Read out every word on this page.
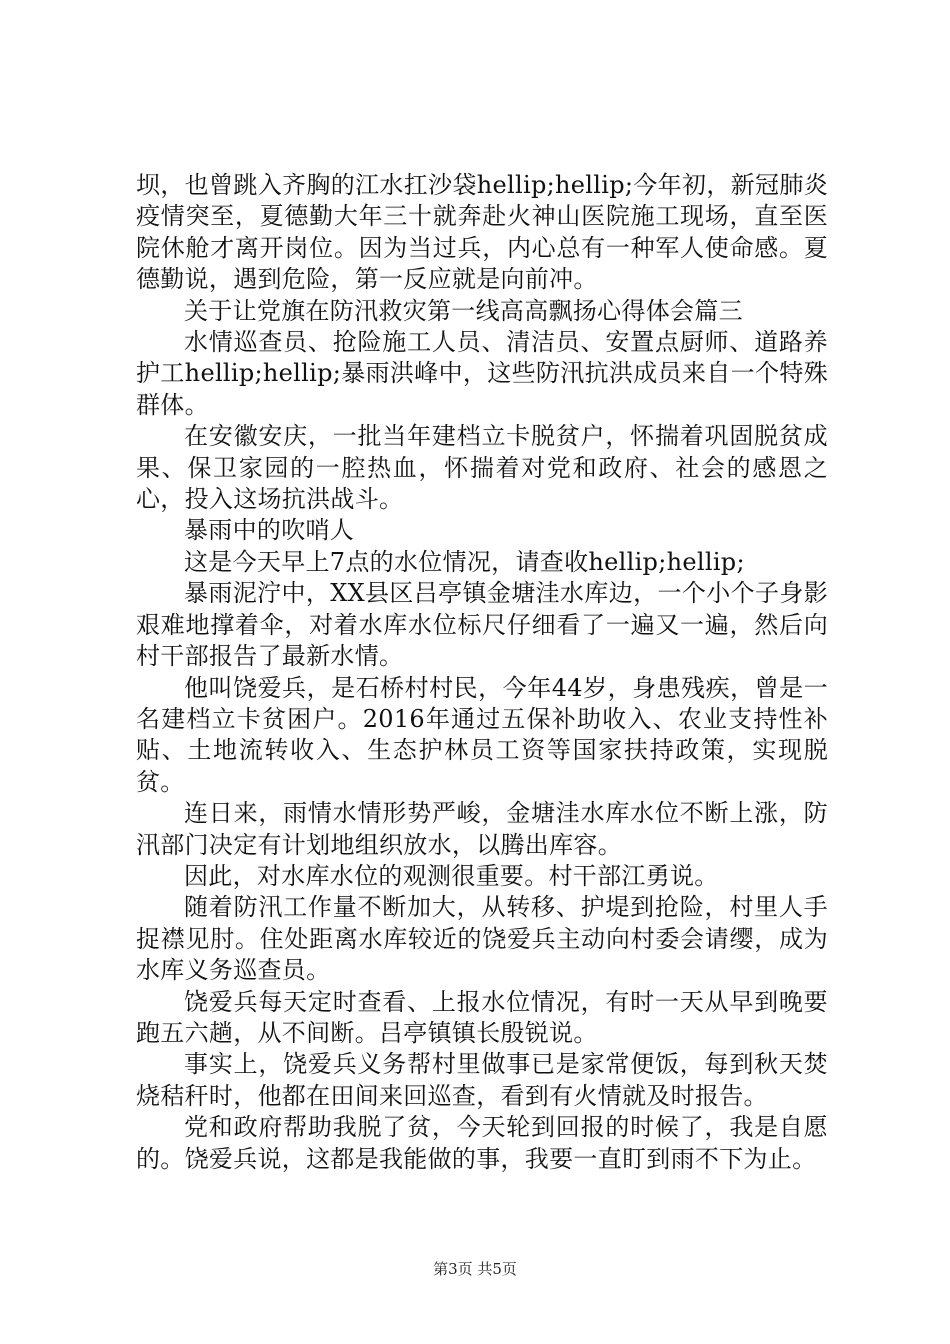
坝，也曾跳入齐胸的江水扛沙袋hellip;hellip;今年初，新冠肺炎疫情突至，夏德勤大年三十就奔赴火神山医院施工现场，直至医院休舱才离开岗位。因为当过兵，内心总有一种军人使命感。夏德勤说，遇到危险，第一反应就是向前冲。

关于让党旗在防汛救灾第一线高高飘扬心得体会篇三

水情巡查员、抢险施工人员、清洁员、安置点厨师、道路养护工hellip;hellip;暴雨洪峰中，这些防汛抗洪成员来自一个特殊群体。

在安徽安庆，一批当年建档立卡脱贫户，怀揣着巩固脱贫成果、保卫家园的一腔热血，怀揣着对党和政府、社会的感恩之心，投入这场抗洪战斗。

暴雨中的吹哨人

这是今天早上7点的水位情况，请查收hellip;hellip;

暴雨泥泞中，XX县区吕亭镇金塘洼水库边，一个小个子身影艰难地撑着伞，对着水库水位标尺仔细看了一遍又一遍，然后向村干部报告了最新水情。

他叫饶爱兵，是石桥村村民，今年44岁，身患残疾，曾是一名建档立卡贫困户。2016年通过五保补助收入、农业支持性补贴、土地流转收入、生态护林员工资等国家扶持政策，实现脱贫。

连日来，雨情水情形势严峻，金塘洼水库水位不断上涨，防汛部门决定有计划地组织放水，以腾出库容。

因此，对水库水位的观测很重要。村干部江勇说。

随着防汛工作量不断加大，从转移、护堤到抢险，村里人手捉襟见肘。住处距离水库较近的饶爱兵主动向村委会请缨，成为水库义务巡查员。

饶爱兵每天定时查看、上报水位情况，有时一天从早到晚要跑五六趟，从不间断。吕亭镇镇长殷锐说。

事实上，饶爱兵义务帮村里做事已是家常便饭，每到秋天焚烧秸秆时，他都在田间来回巡查，看到有火情就及时报告。

党和政府帮助我脱了贫，今天轮到回报的时候了，我是自愿的。饶爱兵说，这都是我能做的事，我要一直盯到雨不下为止。

第3页 共5页
